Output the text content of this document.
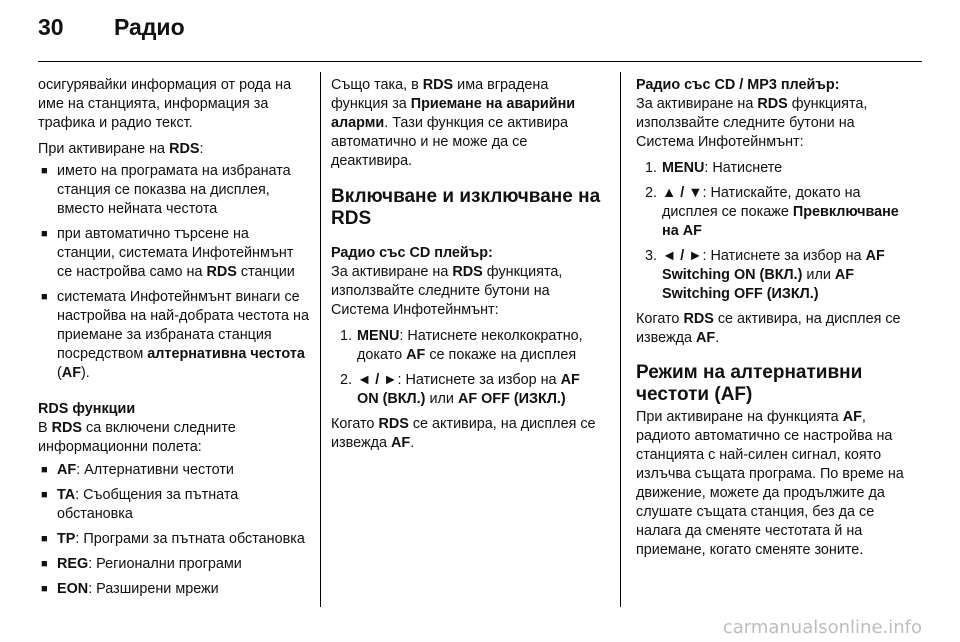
30	Радио

осигурявайки информация от рода на име на станцията, информация за трафика и радио текст.

При активиране на RDS:

■ името на програмата на избраната станция се показва на дисплея, вместо нейната честота
■ при автоматично търсене на станции, системата Инфотейнмънт се настройва само на RDS станции
■ системата Инфотейнмънт винаги се настройва на най-добрата честота на приемане за избраната станция посредством алтернативна честота (AF).

RDS функции

В RDS са включени следните информационни полета:

■ AF: Алтернативни честоти
■ TA: Съобщения за пътната обстановка
■ TP: Програми за пътната обстановка
■ REG: Регионални програми
■ EON: Разширени мрежи

Също така, в RDS има вградена функция за Приемане на аварийни аларми. Тази функция се активира автоматично и не може да се деактивира.

Включване и изключване на RDS

Радио със CD плейър:

За активиране на RDS функцията, използвайте следните бутони на Система Инфотейнмънт:

1. MENU: Натиснете неколкократно, докато AF се покаже на дисплея
2. ◄ / ►: Натиснете за избор на AF ON (ВКЛ.) или AF OFF (ИЗКЛ.)

Когато RDS се активира, на дисплея се извежда AF.

Радио със CD / MP3 плейър:

За активиране на RDS функцията, използвайте следните бутони на Система Инфотейнмънт:

1. MENU: Натиснете
2. ▲ / ▼: Натискайте, докато на дисплея се покаже Превключване на AF
3. ◄ / ►: Натиснете за избор на AF Switching ON (ВКЛ.) или AF Switching OFF (ИЗКЛ.)

Когато RDS се активира, на дисплея се извежда AF.

Режим на алтернативни честоти (AF)

При активиране на функцията AF, радиото автоматично се настройва на станцията с най-силен сигнал, която излъчва същата програма. По време на движение, можете да продължите да слушате същата станция, без да се налага да сменяте честотата й на приемане, когато сменяте зоните.

carmanualsonline.info
